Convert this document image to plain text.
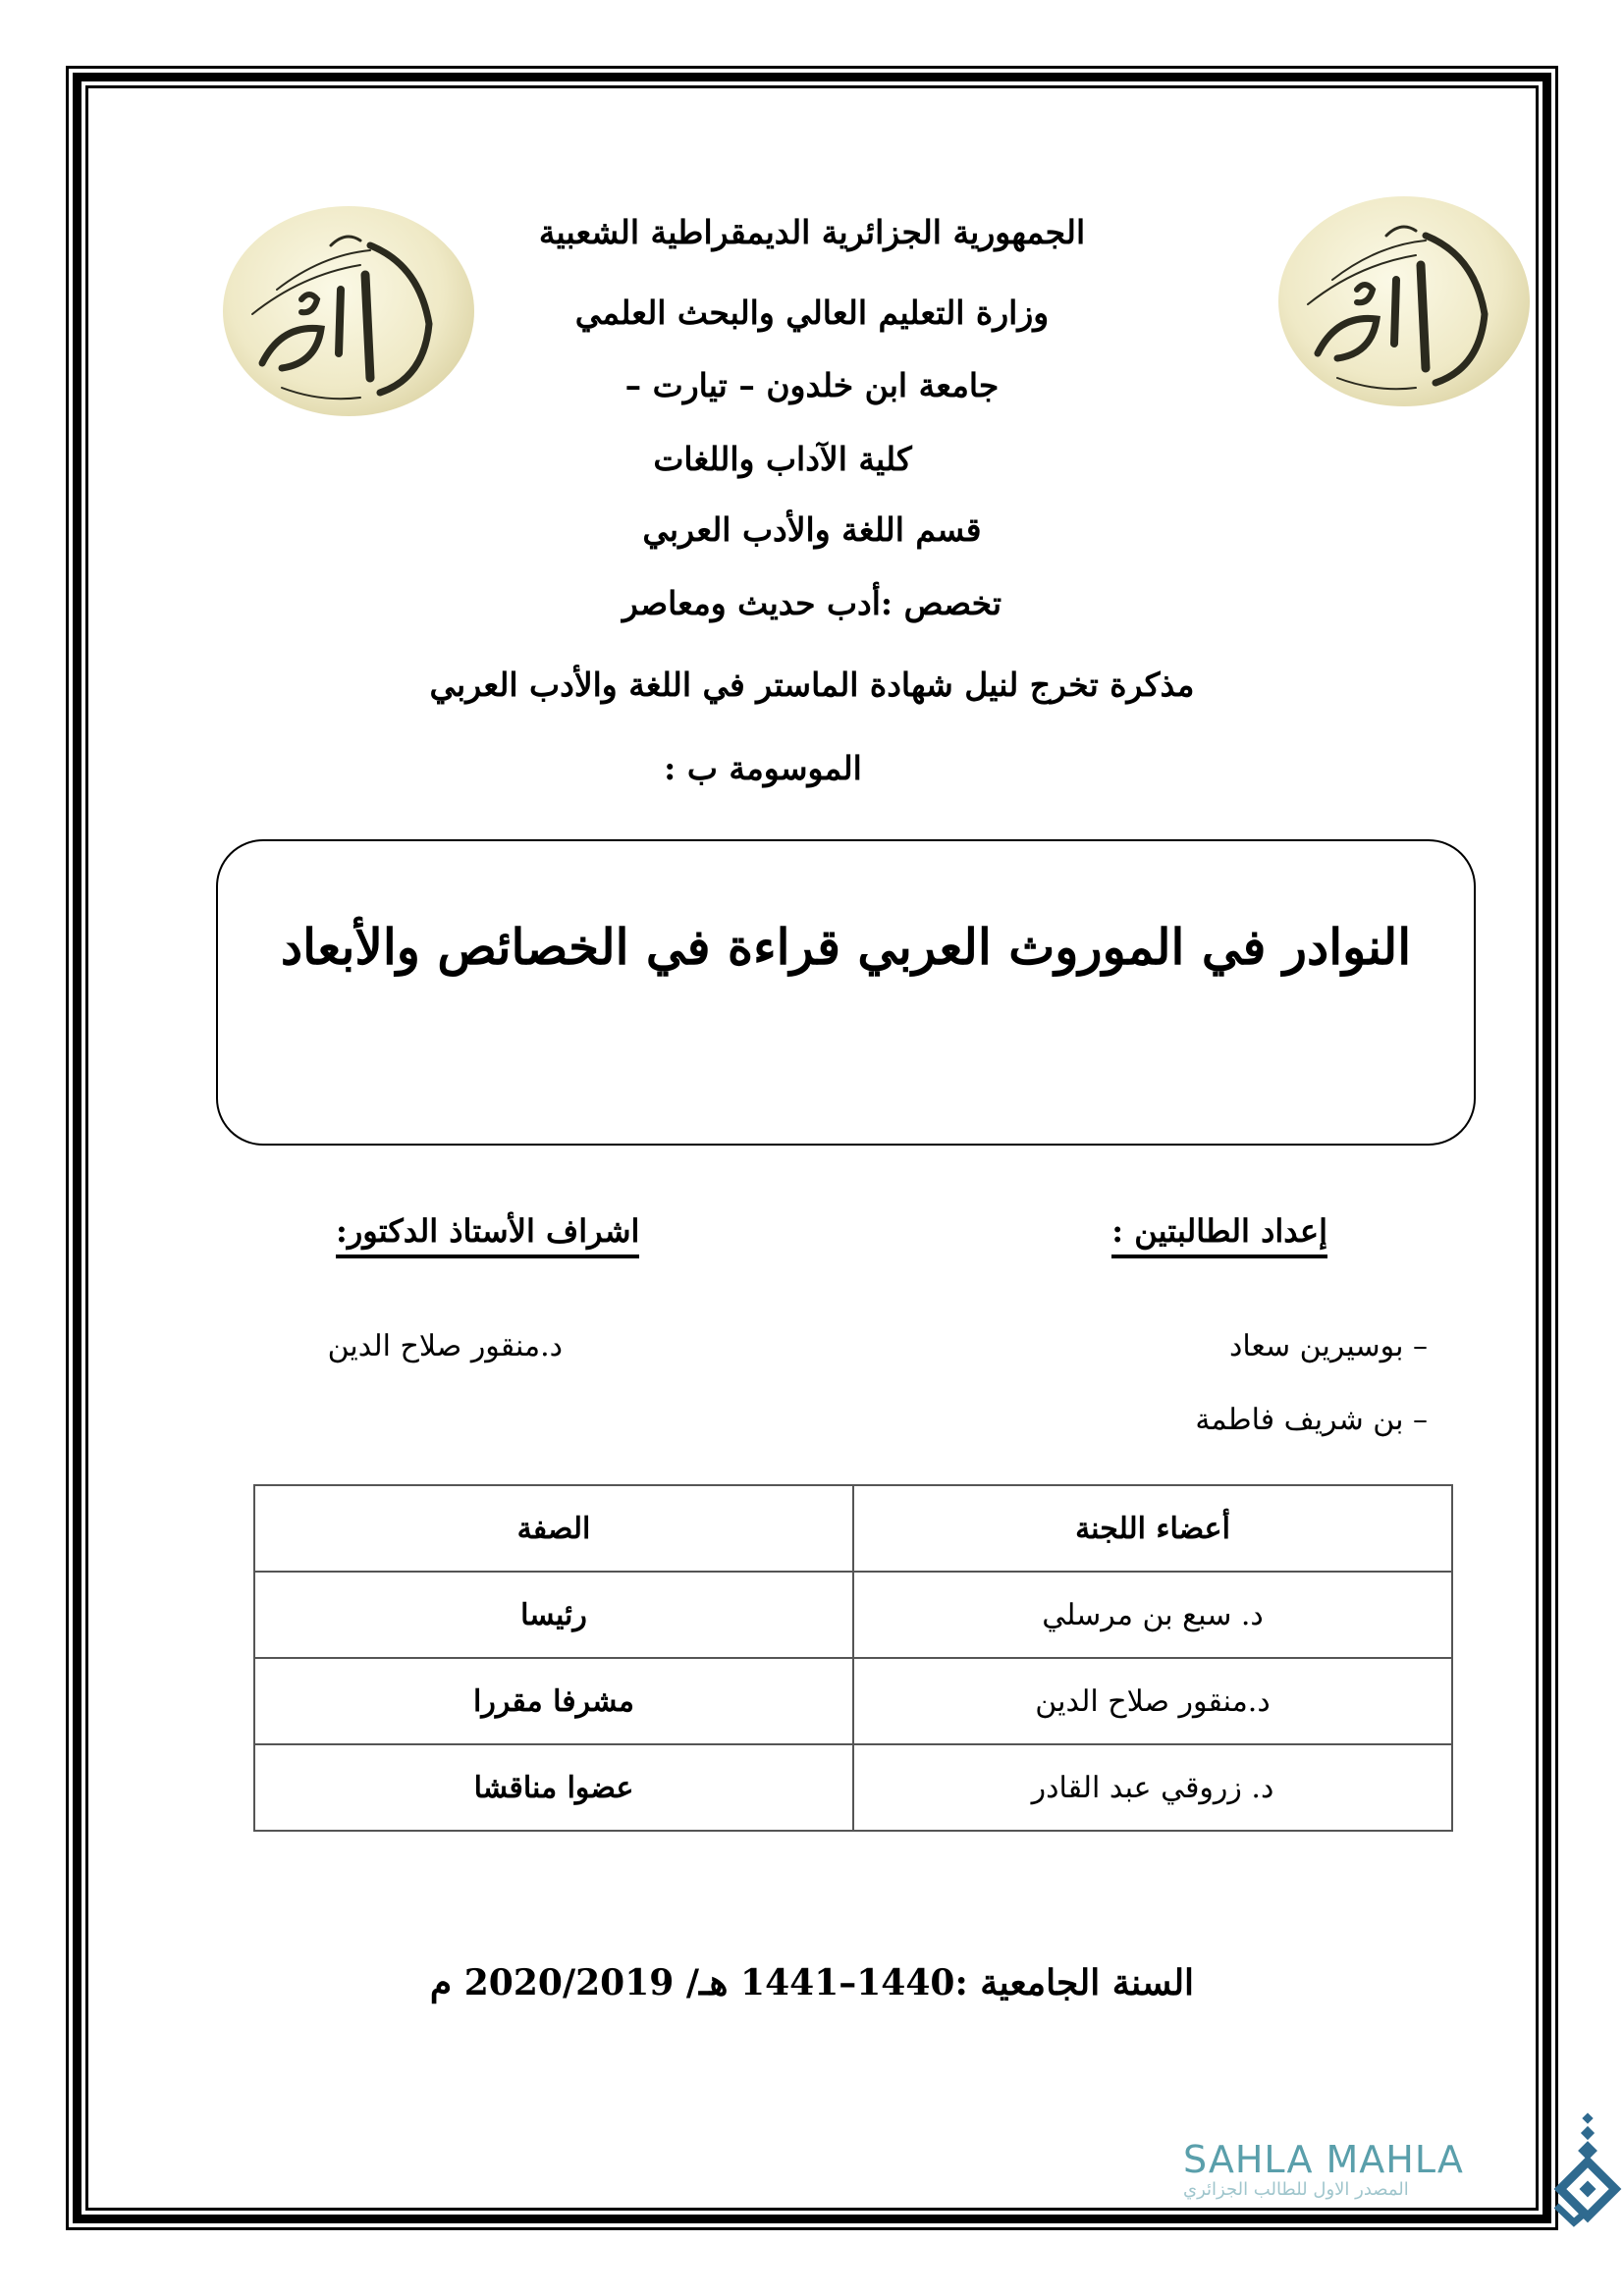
الجمهورية الجزائرية الديمقراطية الشعبية
وزارة التعليم العالي والبحث العلمي
جامعة ابن خلدون – تيارت –
كلية الآداب واللغات
قسم اللغة والأدب العربي
تخصص :أدب حديث ومعاصر
مذكرة تخرج لنيل شهادة الماستر في اللغة والأدب العربي
الموسومة ب :
النوادر في الموروث العربي قراءة في الخصائص والأبعاد
إعداد الطالبتين :
– بوسيرين سعاد
– بن شريف فاطمة
اشراف الأستاذ الدكتور:
د.منقور صلاح الدين
أعضاء اللجنة	الصفة
د. سبع بن مرسلي	رئيسا
د.منقور صلاح الدين	مشرفا مقررا
د. زروقي عبد القادر	عضوا مناقشا
السنة الجامعية :1440–1441 هـ/ 2020/2019 م
SAHLA MAHLA
المصدر الاول للطالب الجزائري
